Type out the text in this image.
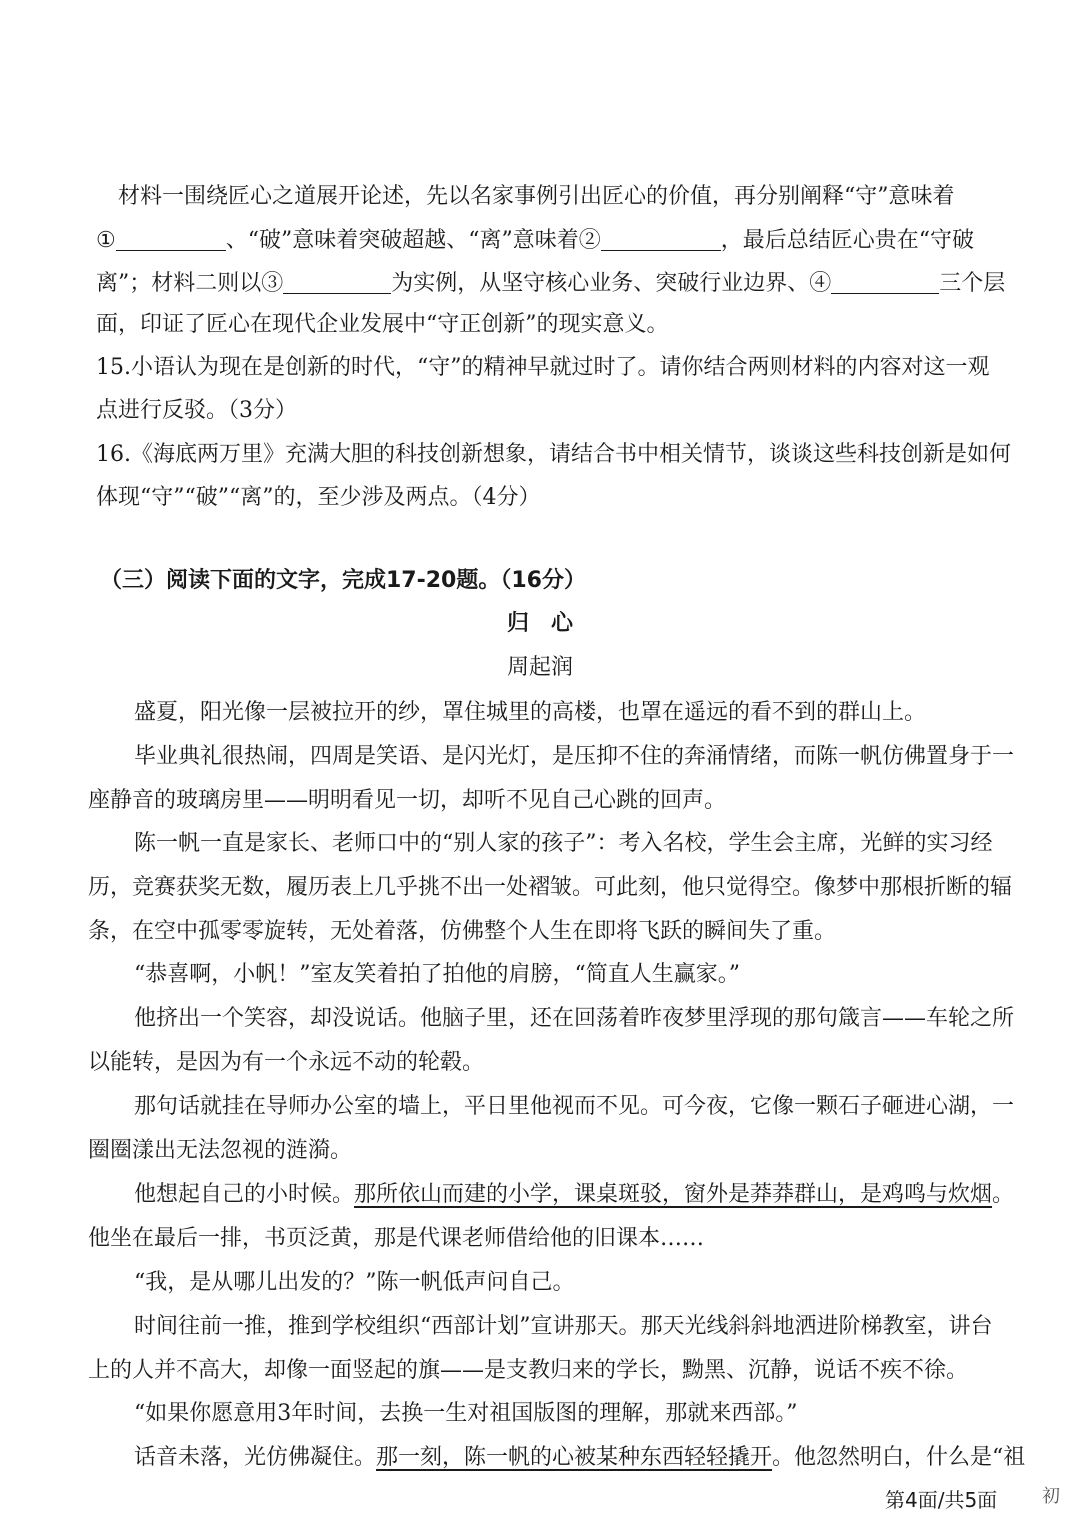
材料一围绕匠心之道展开论述，先以名家事例引出匠心的价值，再分别阐释“守”意味着
①	、“破”意味着突破超越、“离”意味着②	，最后总结匠心贵在“守破
离”；材料二则以③	为实例，从坚守核心业务、突破行业边界、④	三个层
面，印证了匠心在现代企业发展中“守正创新”的现实意义。
15.小语认为现在是创新的时代，“守”的精神早就过时了。请你结合两则材料的内容对这一观
点进行反驳。（3分）
16.《海底两万里》充满大胆的科技创新想象，请结合书中相关情节，谈谈这些科技创新是如何
体现“守”“破”“离”的，至少涉及两点。（4分）
（三）阅读下面的文字，完成17-20题。（16分）
归　心
周起润
盛夏，阳光像一层被拉开的纱，罩住城里的高楼，也罩在遥远的看不到的群山上。
毕业典礼很热闹，四周是笑语、是闪光灯，是压抑不住的奔涌情绪，而陈一帆仿佛置身于一
座静音的玻璃房里——明明看见一切，却听不见自己心跳的回声。
陈一帆一直是家长、老师口中的“别人家的孩子”：考入名校，学生会主席，光鲜的实习经
历，竞赛获奖无数，履历表上几乎挑不出一处褶皱。可此刻，他只觉得空。像梦中那根折断的辐
条，在空中孤零零旋转，无处着落，仿佛整个人生在即将飞跃的瞬间失了重。
“恭喜啊，小帆！”室友笑着拍了拍他的肩膀，“简直人生赢家。”
他挤出一个笑容，却没说话。他脑子里，还在回荡着昨夜梦里浮现的那句箴言——车轮之所
以能转，是因为有一个永远不动的轮毂。
那句话就挂在导师办公室的墙上，平日里他视而不见。可今夜，它像一颗石子砸进心湖，一
圈圈漾出无法忽视的涟漪。
他想起自己的小时候。那所依山而建的小学，课桌斑驳，窗外是莽莽群山，是鸡鸣与炊烟。
他坐在最后一排，书页泛黄，那是代课老师借给他的旧课本……
“我，是从哪儿出发的？”陈一帆低声问自己。
时间往前一推，推到学校组织“西部计划”宣讲那天。那天光线斜斜地洒进阶梯教室，讲台
上的人并不高大，却像一面竖起的旗——是支教归来的学长，黝黑、沉静，说话不疾不徐。
“如果你愿意用3年时间，去换一生对祖国版图的理解，那就来西部。”
话音未落，光仿佛凝住。那一刻，陈一帆的心被某种东西轻轻撬开。他忽然明白，什么是“祖
第4面/共5面 初
